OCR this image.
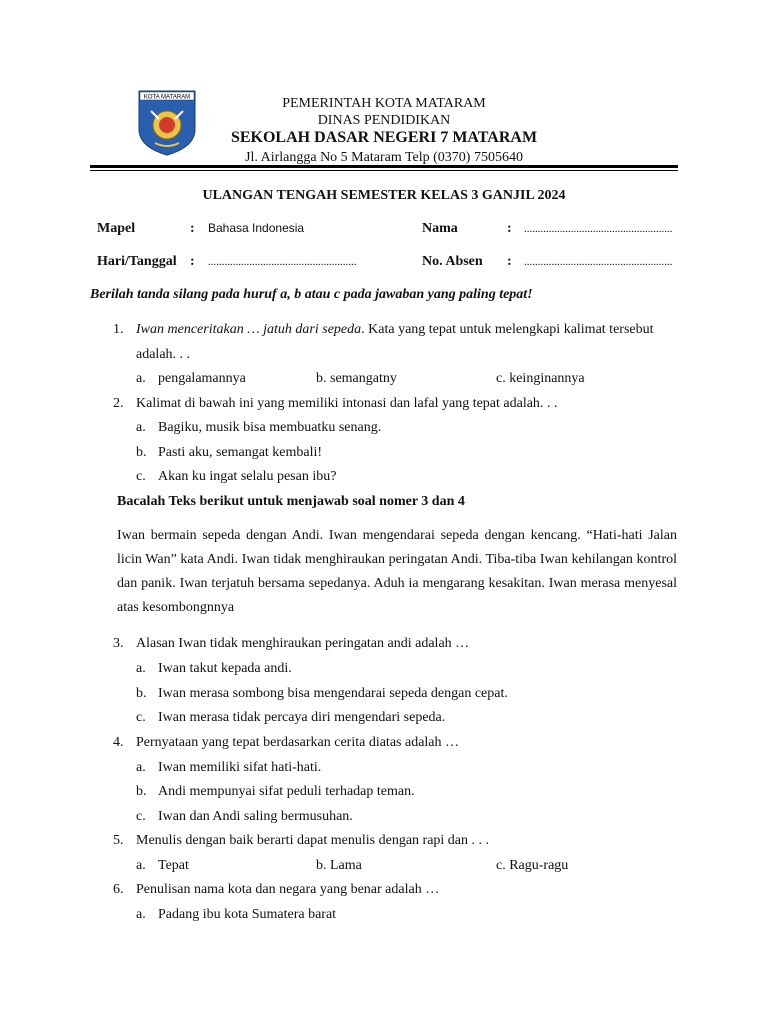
KOTA MATARAM	PEMERINTAH KOTA MATARAM
DINAS PENDIDIKAN
SEKOLAH DASAR NEGERI 7 MATARAM
Jl. Airlangga No 5 Mataram Telp (0370) 7505640
ULANGAN TENGAH SEMESTER KELAS 3 GANJIL 2024
Mapel	: Bahasa Indonesia	Nama	: ......................................................
Hari/Tanggal : ......................................................	No. Absen : ......................................................
Berilah tanda silang pada huruf a, b atau c pada jawaban yang paling tepat!
1. Iwan menceritakan … jatuh dari sepeda. Kata yang tepat untuk melengkapi kalimat tersebut
adalah. . .
a. pengalamannya	b. semangatny	c. keinginannya
2. Kalimat di bawah ini yang memiliki intonasi dan lafal yang tepat adalah. . .
a. Bagiku, musik bisa membuatku senang.
b. Pasti aku, semangat kembali!
c. Akan ku ingat selalu pesan ibu?
Bacalah Teks berikut untuk menjawab soal nomer 3 dan 4
Iwan bermain sepeda dengan Andi. Iwan mengendarai sepeda dengan kencang. “Hati-hati Jalan licin Wan” kata Andi. Iwan tidak menghiraukan peringatan Andi. Tiba-tiba Iwan kehilangan kontrol dan panik. Iwan terjatuh bersama sepedanya. Aduh ia mengarang kesakitan. Iwan merasa menyesal atas kesombongnnya
3. Alasan Iwan tidak menghiraukan peringatan andi adalah …
a. Iwan takut kepada andi.
b. Iwan merasa sombong bisa mengendarai sepeda dengan cepat.
c. Iwan merasa tidak percaya diri mengendari sepeda.
4. Pernyataan yang tepat berdasarkan cerita diatas adalah …
a. Iwan memiliki sifat hati-hati.
b. Andi mempunyai sifat peduli terhadap teman.
c. Iwan dan Andi saling bermusuhan.
5. Menulis dengan baik berarti dapat menulis dengan rapi dan . . .
a. Tepat	b. Lama	c. Ragu-ragu
6. Penulisan nama kota dan negara yang benar adalah …
a. Padang ibu kota Sumatera barat
